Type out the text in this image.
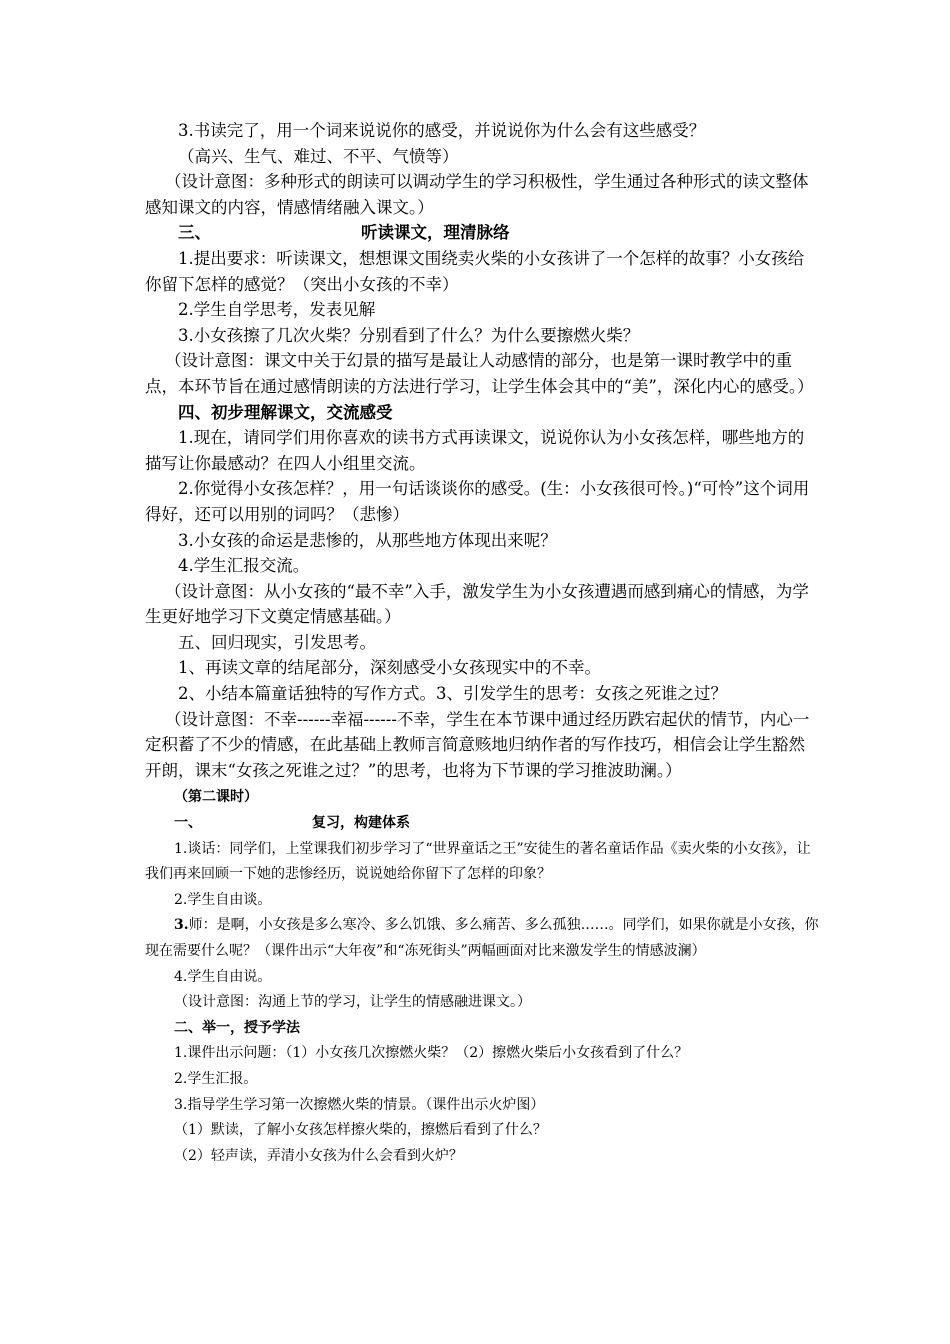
3.书读完了，用一个词来说说你的感受，并说说你为什么会有这些感受？

（高兴、生气、难过、不平、气愤等）

（设计意图：多种形式的朗读可以调动学生的学习积极性，学生通过各种形式的读文整体感知课文的内容，情感情绪融入课文。）

三、	听读课文，理清脉络

1.提出要求：听读课文，想想课文围绕卖火柴的小女孩讲了一个怎样的故事？小女孩给你留下怎样的感觉？（突出小女孩的不幸）

2.学生自学思考，发表见解

3.小女孩擦了几次火柴？分别看到了什么？为什么要擦燃火柴？

（设计意图：课文中关于幻景的描写是最让人动感情的部分，也是第一课时教学中的重点，本环节旨在通过感情朗读的方法进行学习，让学生体会其中的“美”，深化内心的感受。）

四、初步理解课文，交流感受

1.现在，请同学们用你喜欢的读书方式再读课文，说说你认为小女孩怎样，哪些地方的描写让你最感动？在四人小组里交流。

2.你觉得小女孩怎样？，用一句话谈谈你的感受。(生：小女孩很可怜。)“可怜”这个词用得好，还可以用别的词吗？（悲惨）

3.小女孩的命运是悲惨的，从那些地方体现出来呢？

4.学生汇报交流。

（设计意图：从小女孩的“最不幸”入手，激发学生为小女孩遭遇而感到痛心的情感，为学生更好地学习下文奠定情感基础。）

五、回归现实，引发思考。

1、再读文章的结尾部分，深刻感受小女孩现实中的不幸。

2、小结本篇童话独特的写作方式。3、引发学生的思考：女孩之死谁之过？

（设计意图：不幸------幸福------不幸，学生在本节课中通过经历跌宕起伏的情节，内心一定积蓄了不少的情感，在此基础上教师言简意赅地归纳作者的写作技巧，相信会让学生豁然开朗，课末“女孩之死谁之过？”的思考，也将为下节课的学习推波助澜。）

（第二课时）

一、	复习，构建体系

1.谈话：同学们，上堂课我们初步学习了“世界童话之王”安徒生的著名童话作品《卖火柴的小女孩》，让我们再来回顾一下她的悲惨经历，说说她给你留下了怎样的印象？

2.学生自由谈。

3.师：是啊，小女孩是多么寒冷、多么饥饿、多么痛苦、多么孤独……。同学们，如果你就是小女孩，你现在需要什么呢？（课件出示“大年夜”和“冻死街头”两幅画面对比来激发学生的情感波澜）

4.学生自由说。

（设计意图：沟通上节的学习，让学生的情感融进课文。）

二、举一，授予学法

1.课件出示问题：（1）小女孩几次擦燃火柴？（2）擦燃火柴后小女孩看到了什么？

2.学生汇报。

3.指导学生学习第一次擦燃火柴的情景。（课件出示火炉图）

（1）默读，了解小女孩怎样擦火柴的，擦燃后看到了什么？

（2）轻声读，弄清小女孩为什么会看到火炉？
